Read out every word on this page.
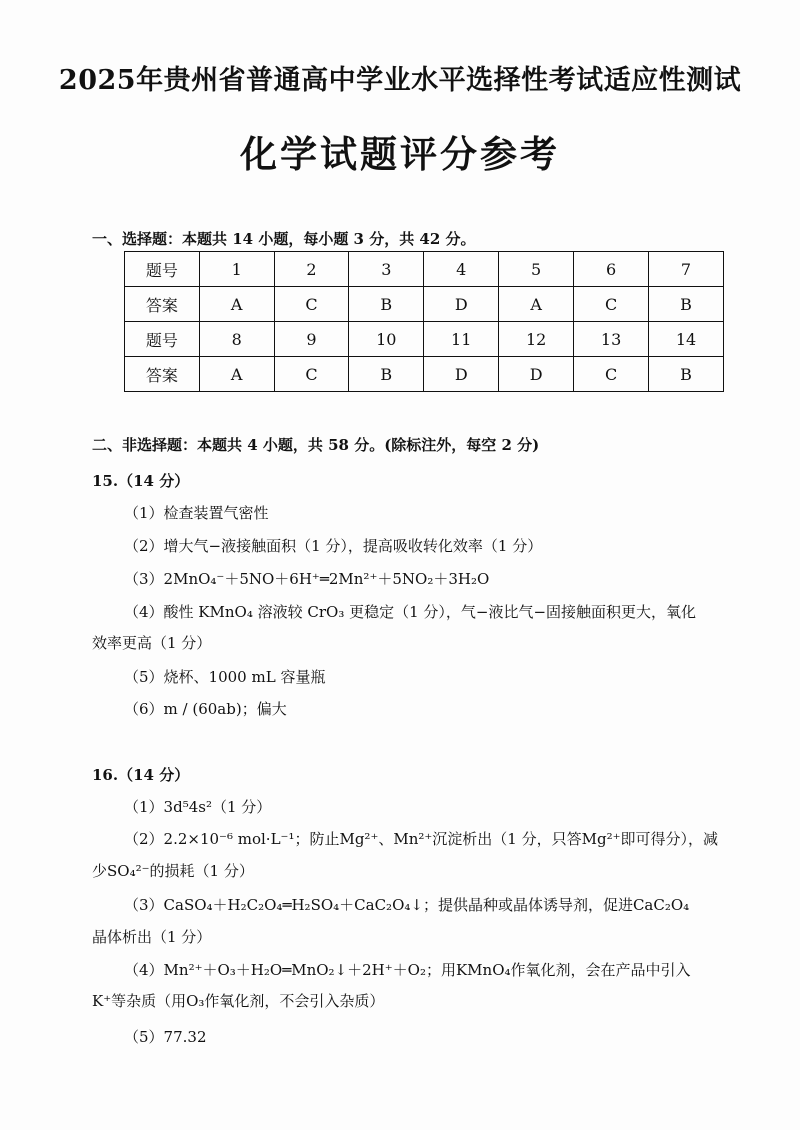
2025年贵州省普通高中学业水平选择性考试适应性测试
化学试题评分参考
一、选择题：本题共 14 小题，每小题 3 分，共 42 分。
题号	1	2	3	4	5	6	7
答案	A	C	B	D	A	C	B
题号	8	9	10	11	12	13	14
答案	A	C	B	D	D	C	B
二、非选择题：本题共 4 小题，共 58 分。(除标注外，每空 2 分)
15.（14 分）
（1）检查装置气密性
（2）增大气−液接触面积（1 分），提高吸收转化效率（1 分）
（3）2MnO₄⁻＋5NO＋6H⁺═2Mn²⁺＋5NO₂＋3H₂O
（4）酸性 KMnO₄ 溶液较 CrO₃ 更稳定（1 分），气−液比气−固接触面积更大，氧化
效率更高（1 分）
（5）烧杯、1000 mL 容量瓶
（6）m / (60ab)；偏大
16.（14 分）
（1）3d⁵4s²（1 分）
（2）2.2×10⁻⁶ mol·L⁻¹；防止Mg²⁺、Mn²⁺沉淀析出（1 分，只答Mg²⁺即可得分），减
少SO₄²⁻的损耗（1 分）
（3）CaSO₄＋H₂C₂O₄═H₂SO₄＋CaC₂O₄↓；提供晶种或晶体诱导剂，促进CaC₂O₄
晶体析出（1 分）
（4）Mn²⁺＋O₃＋H₂O═MnO₂↓＋2H⁺＋O₂；用KMnO₄作氧化剂，会在产品中引入
K⁺等杂质（用O₃作氧化剂，不会引入杂质）
（5）77.32
